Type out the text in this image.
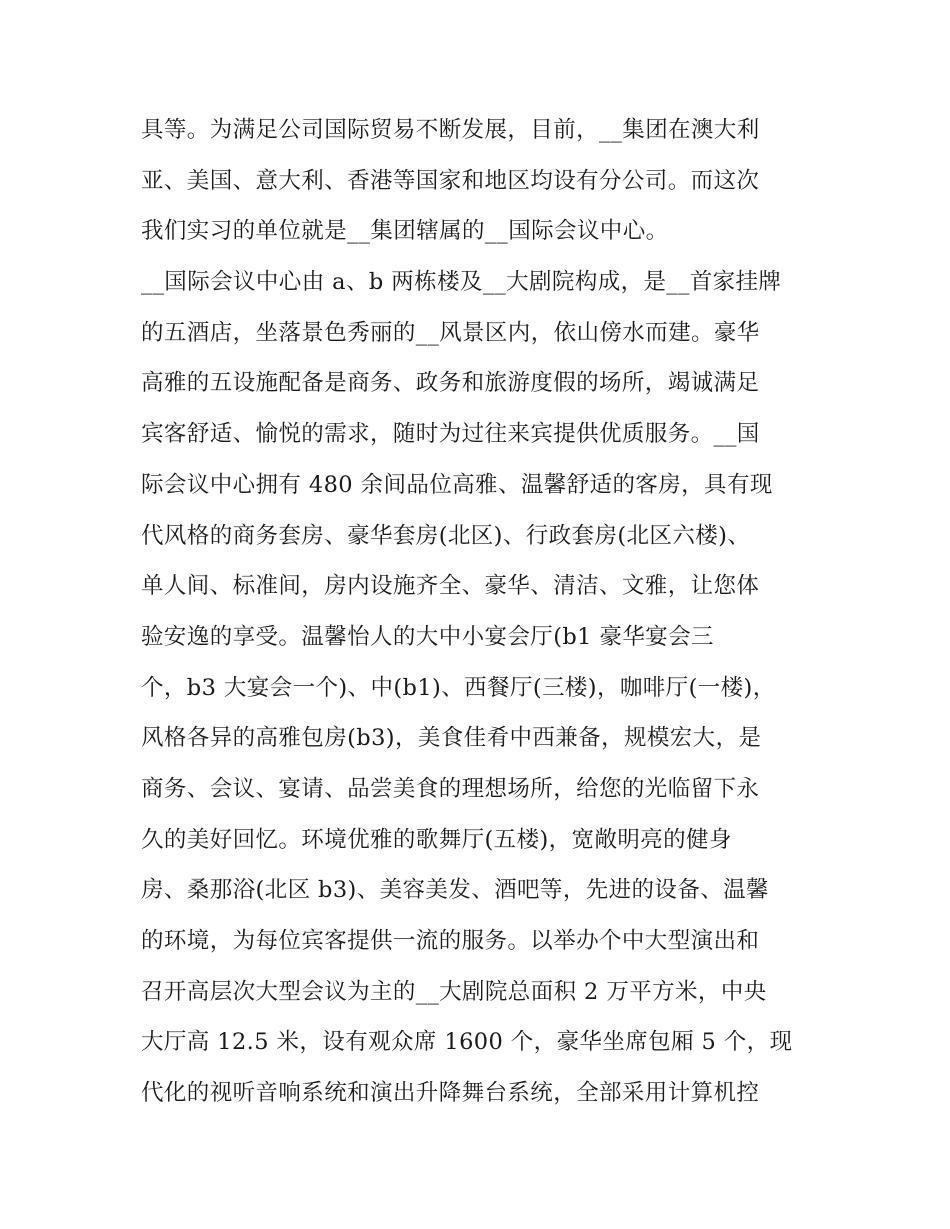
具等。为满足公司国际贸易不断发展，目前，__集团在澳大利
亚、美国、意大利、香港等国家和地区均设有分公司。而这次
我们实习的单位就是__集团辖属的__国际会议中心。
__国际会议中心由 a、b 两栋楼及__大剧院构成，是__首家挂牌
的五酒店，坐落景色秀丽的__风景区内，依山傍水而建。豪华
高雅的五设施配备是商务、政务和旅游度假的场所，竭诚满足
宾客舒适、愉悦的需求，随时为过往来宾提供优质服务。__国
际会议中心拥有 480 余间品位高雅、温馨舒适的客房，具有现
代风格的商务套房、豪华套房(北区)、行政套房(北区六楼)、
单人间、标准间，房内设施齐全、豪华、清洁、文雅，让您体
验安逸的享受。温馨怡人的大中小宴会厅(b1 豪华宴会三
个，b3 大宴会一个)、中(b1)、西餐厅(三楼)，咖啡厅(一楼)，
风格各异的高雅包房(b3)，美食佳肴中西兼备，规模宏大，是
商务、会议、宴请、品尝美食的理想场所，给您的光临留下永
久的美好回忆。环境优雅的歌舞厅(五楼)，宽敞明亮的健身
房、桑那浴(北区 b3)、美容美发、酒吧等，先进的设备、温馨
的环境，为每位宾客提供一流的服务。以举办个中大型演出和
召开高层次大型会议为主的__大剧院总面积 2 万平方米，中央
大厅高 12.5 米，设有观众席 1600 个，豪华坐席包厢 5 个，现
代化的视听音响系统和演出升降舞台系统，全部采用计算机控
